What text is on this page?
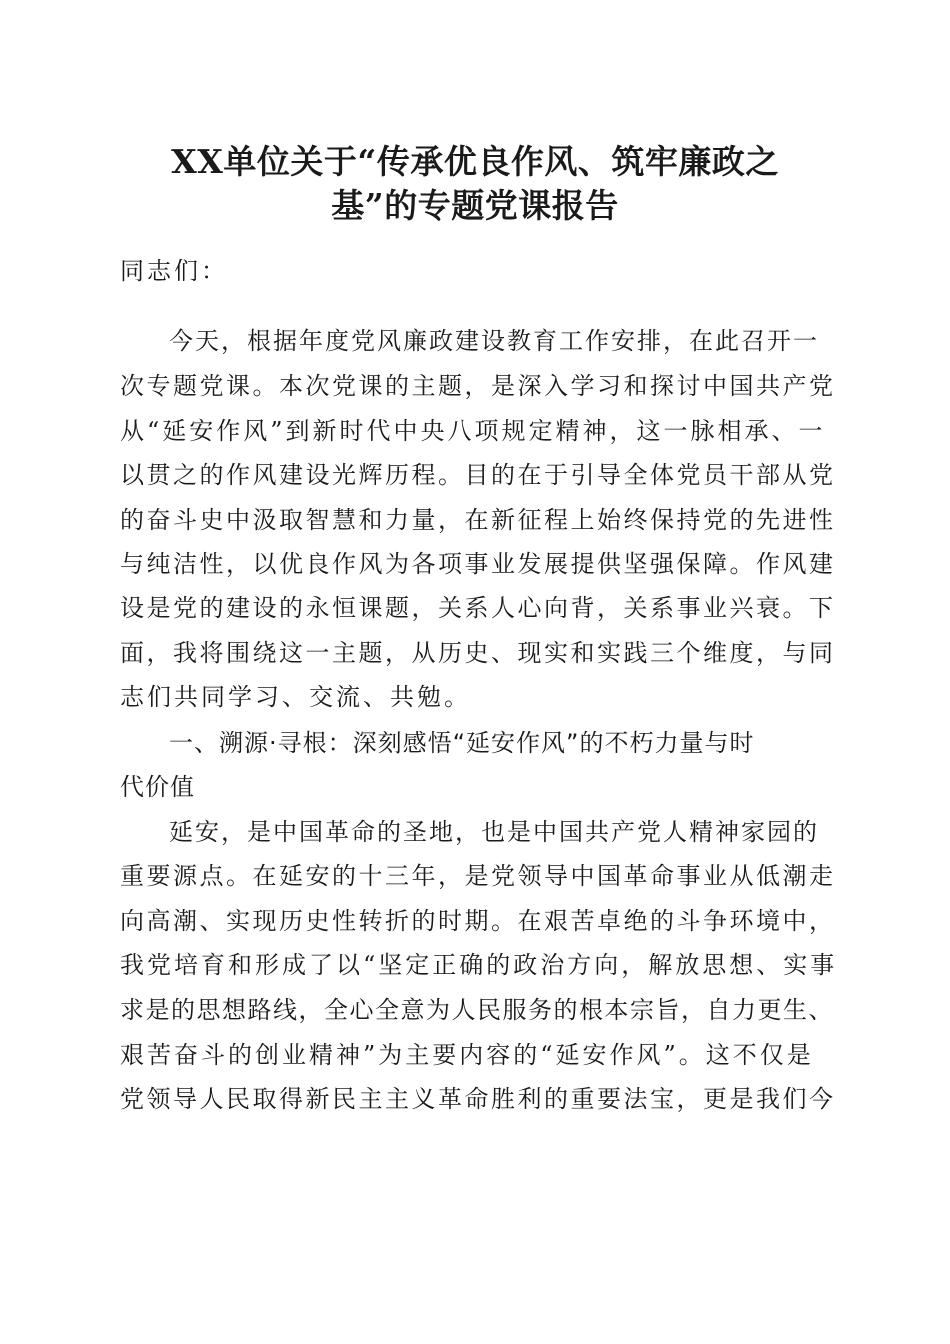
XX单位关于“传承优良作风、筑牢廉政之
基”的专题党课报告

同志们：

今天，根据年度党风廉政建设教育工作安排，在此召开一

次专题党课。本次党课的主题，是深入学习和探讨中国共产党

从“延安作风”到新时代中央八项规定精神，这一脉相承、一

以贯之的作风建设光辉历程。目的在于引导全体党员干部从党

的奋斗史中汲取智慧和力量，在新征程上始终保持党的先进性

与纯洁性，以优良作风为各项事业发展提供坚强保障。作风建

设是党的建设的永恒课题，关系人心向背，关系事业兴衰。下

面，我将围绕这一主题，从历史、现实和实践三个维度，与同

志们共同学习、交流、共勉。

一、溯源·寻根：深刻感悟“延安作风”的不朽力量与时

代价值

延安，是中国革命的圣地，也是中国共产党人精神家园的

重要源点。在延安的十三年，是党领导中国革命事业从低潮走

向高潮、实现历史性转折的时期。在艰苦卓绝的斗争环境中，

我党培育和形成了以“坚定正确的政治方向，解放思想、实事

求是的思想路线，全心全意为人民服务的根本宗旨，自力更生、

艰苦奋斗的创业精神”为主要内容的“延安作风”。这不仅是

党领导人民取得新民主主义革命胜利的重要法宝，更是我们今
